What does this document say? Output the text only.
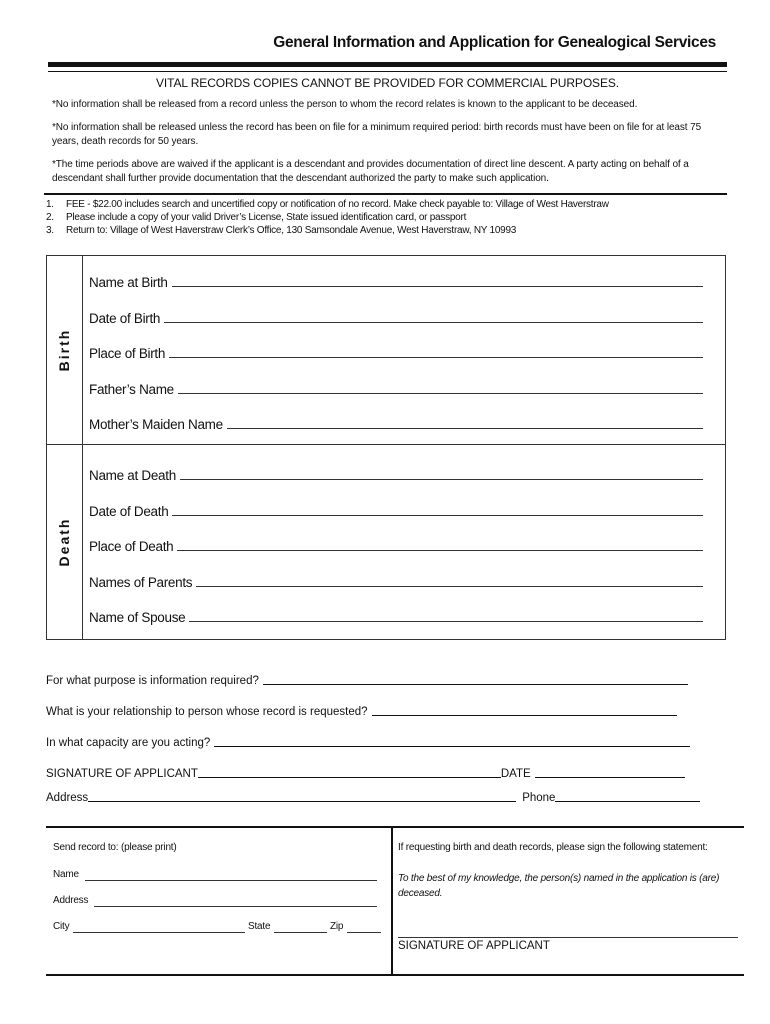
General Information and Application for Genealogical Services
VITAL RECORDS COPIES CANNOT BE PROVIDED FOR COMMERCIAL PURPOSES.
*No information shall be released from a record unless the person to whom the record relates is known to the applicant to be deceased.
*No information shall be released unless the record has been on file for a minimum required period: birth records must have been on file for at least 75 years, death records for 50 years.
*The time periods above are waived if the applicant is a descendant and provides documentation of direct line descent. A party acting on behalf of a descendant shall further provide documentation that the descendant authorized the party to make such application.
1. FEE - $22.00 includes search and uncertified copy or notification of no record. Make check payable to: Village of West Haverstraw
2. Please include a copy of your valid Driver’s License, State issued identification card, or passport
3. Return to: Village of West Haverstraw Clerk’s Office, 130 Samsondale Avenue, West Haverstraw, NY 10993
Birth
Name at Birth
Date of Birth
Place of Birth
Father’s Name
Mother’s Maiden Name
Death
Name at Death
Date of Death
Place of Death
Names of Parents
Name of Spouse
For what purpose is information required?
What is your relationship to person whose record is requested?
In what capacity are you acting?
SIGNATURE OF APPLICANT	DATE
Address	Phone
Send record to: (please print)
Name
Address
City	State	Zip
If requesting birth and death records, please sign the following statement:
To the best of my knowledge, the person(s) named in the application is (are) deceased.
SIGNATURE OF APPLICANT
